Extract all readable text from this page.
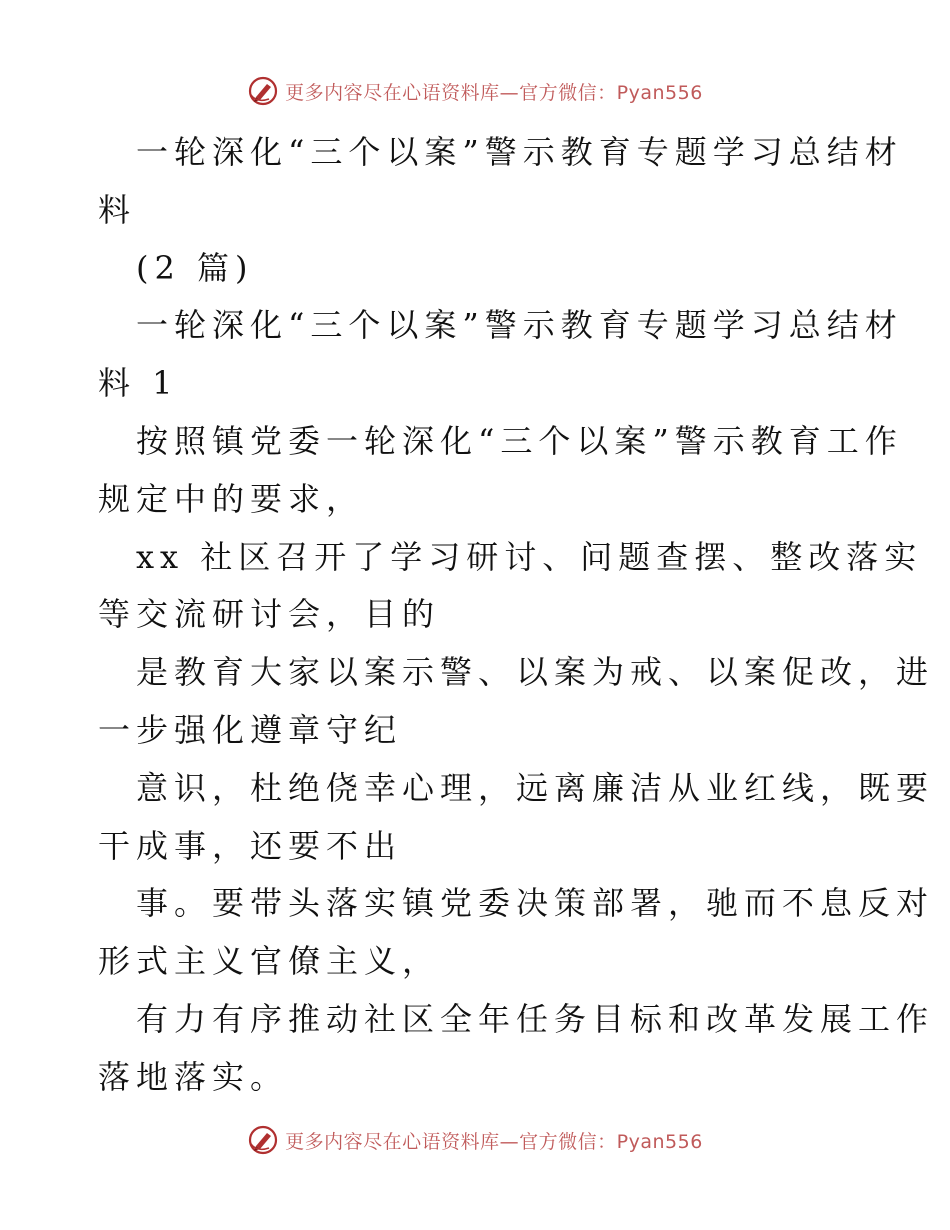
更多内容尽在心语资料库—官方微信：Pyan556
一轮深化“三个以案”警示教育专题学习总结材
料
(2 篇)
一轮深化“三个以案”警示教育专题学习总结材
料 1
按照镇党委一轮深化“三个以案”警示教育工作
规定中的要求，
xx 社区召开了学习研讨、问题查摆、整改落实
等交流研讨会，目的
是教育大家以案示警、以案为戒、以案促改，进
一步强化遵章守纪
意识，杜绝侥幸心理，远离廉洁从业红线，既要
干成事，还要不出
事。要带头落实镇党委决策部署，驰而不息反对
形式主义官僚主义，
有力有序推动社区全年任务目标和改革发展工作
落地落实。
更多内容尽在心语资料库—官方微信：Pyan556
